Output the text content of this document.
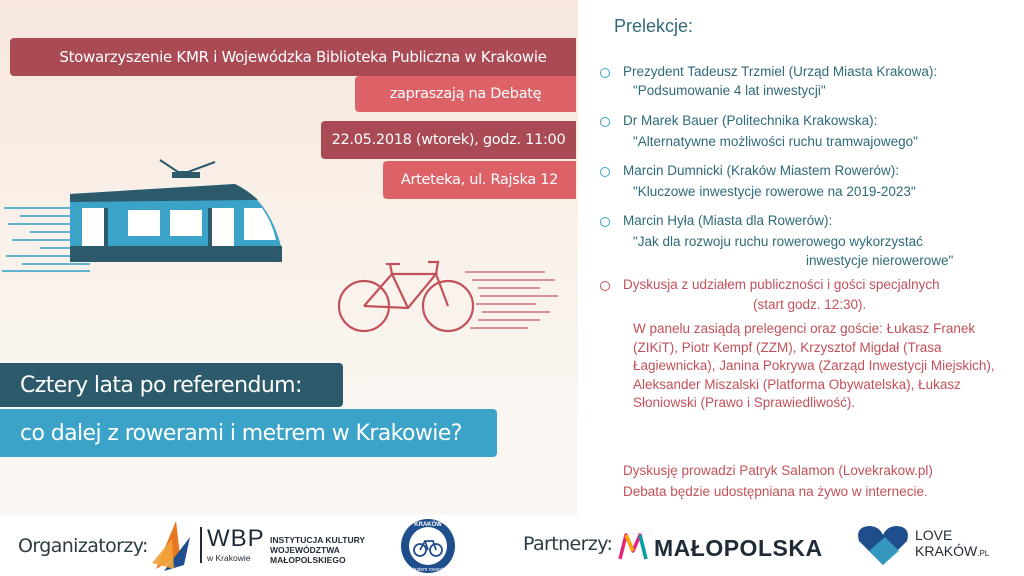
Stowarzyszenie KMR i Wojewódzka Biblioteka Publiczna w Krakowie
zapraszają na Debatę
22.05.2018 (wtorek), godz. 11:00
Arteteka, ul. Rajska 12
Cztery lata po referendum:
co dalej z rowerami i metrem w Krakowie?
Prelekcje:
Prezydent Tadeusz Trzmiel (Urząd Miasta Krakowa):
"Podsumowanie 4 lat inwestycji"
Dr Marek Bauer (Politechnika Krakowska):
"Alternatywne możliwości ruchu tramwajowego"
Marcin Dumnicki (Kraków Miastem Rowerów):
"Kluczowe inwestycje rowerowe na 2019-2023"
Marcin Hyła (Miasta dla Rowerów):
"Jak dla rozwoju ruchu rowerowego wykorzystać
inwestycje nierowerowe"
Dyskusja z udziałem publiczności i gości specjalnych
(start godz. 12:30).
W panelu zasiądą prelegenci oraz goście: Łukasz Franek (ZIKiT), Piotr Kempf (ZZM), Krzysztof Migdał (Trasa Łagiewnicka), Janina Pokrywa (Zarząd Inwestycji Miejskich), Aleksander Miszalski (Platforma Obywatelska), Łukasz Słoniowski (Prawo i Sprawiedliwość).
Dyskusję prowadzi Patryk Salamon (Lovekrakow.pl)
Debata będzie udostępniana na żywo w internecie.
Organizatorzy: WBP
w Krakowie
INSTYTUCJA KULTURY
WOJEWÓDZTWA
MAŁOPOLSKIEGO
KRAKÓW
miastem rowerów
Partnerzy: MAŁOPOLSKA	LOVE
KRAKÓW.PL
